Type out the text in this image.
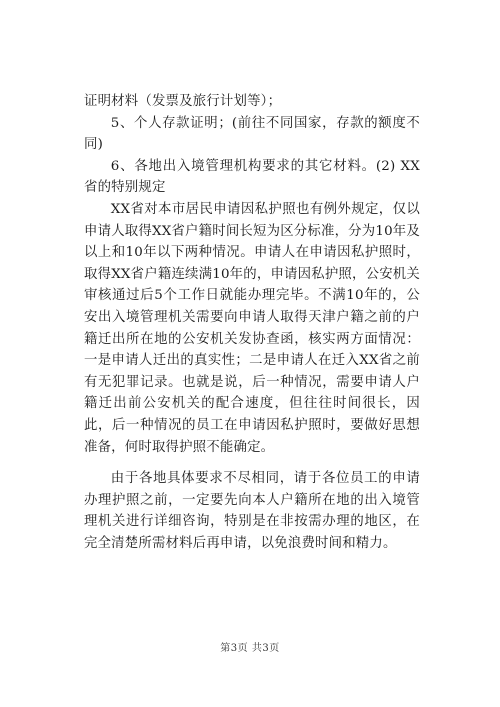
证明材料（发票及旅行计划等）；

5、个人存款证明；(前往不同国家，存款的额度不同)

6、各地出入境管理机构要求的其它材料。(2) XX省的特别规定

XX省对本市居民申请因私护照也有例外规定，仅以申请人取得XX省户籍时间长短为区分标准，分为10年及以上和10年以下两种情况。申请人在申请因私护照时，取得XX省户籍连续满10年的，申请因私护照，公安机关审核通过后5个工作日就能办理完毕。不满10年的，公安出入境管理机关需要向申请人取得天津户籍之前的户籍迁出所在地的公安机关发协查函，核实两方面情况：一是申请人迁出的真实性；二是申请人在迁入XX省之前有无犯罪记录。也就是说，后一种情况，需要申请人户籍迁出前公安机关的配合速度，但往往时间很长，因此，后一种情况的员工在申请因私护照时，要做好思想准备，何时取得护照不能确定。

由于各地具体要求不尽相同，请于各位员工的申请办理护照之前，一定要先向本人户籍所在地的出入境管理机关进行详细咨询，特别是在非按需办理的地区，在完全清楚所需材料后再申请，以免浪费时间和精力。

第3页 共3页
